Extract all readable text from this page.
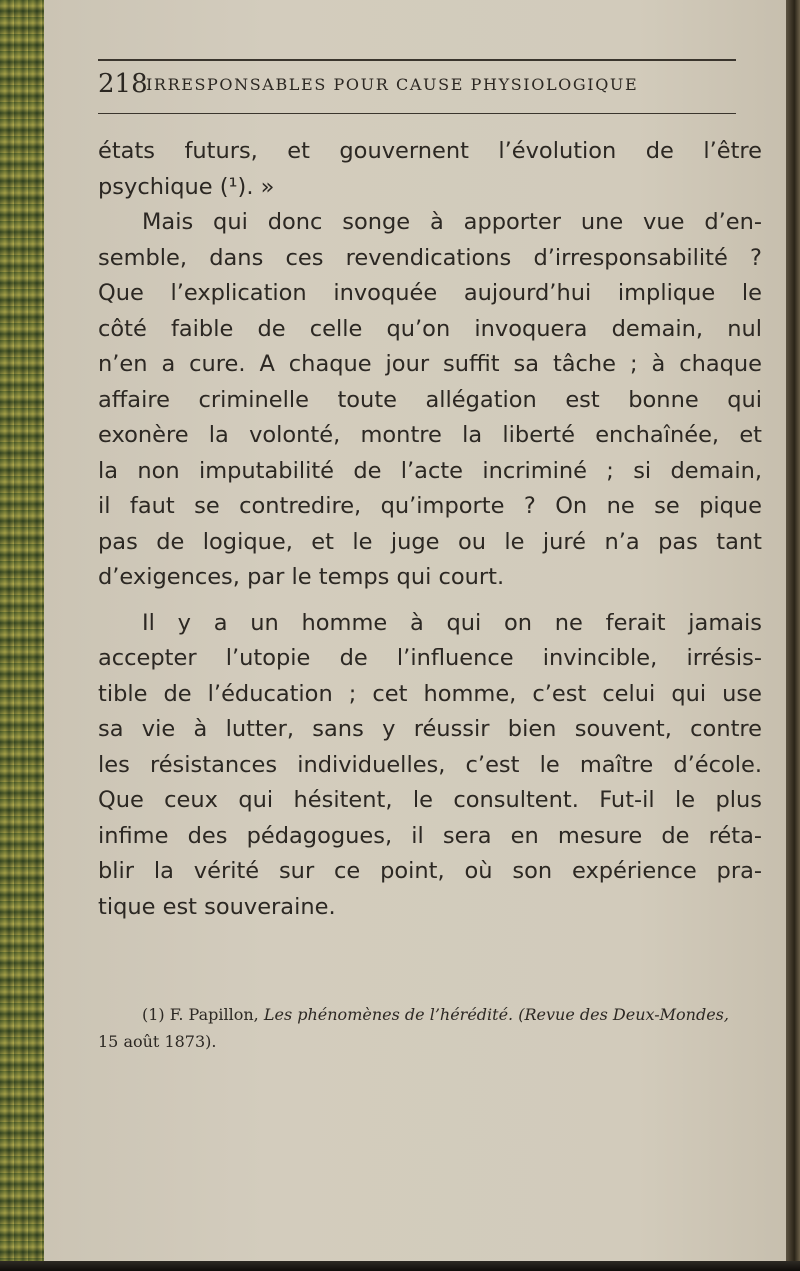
218
IRRESPONSABLES POUR CAUSE PHYSIOLOGIQUE
états futurs, et gouvernent l’évolution de l’être
psychique (¹). »
Mais qui donc songe à apporter une vue d’en-
semble, dans ces revendications d’irresponsabilité ?
Que l’explication invoquée aujourd’hui implique le
côté faible de celle qu’on invoquera demain, nul
n’en a cure. A chaque jour suffit sa tâche ; à chaque
affaire criminelle toute allégation est bonne qui
exonère la volonté, montre la liberté enchaînée, et
la non imputabilité de l’acte incriminé ; si demain,
il faut se contredire, qu’importe ? On ne se pique
pas de logique, et le juge ou le juré n’a pas tant
d’exigences, par le temps qui court.
Il y a un homme à qui on ne ferait jamais
accepter l’utopie de l’influence invincible, irrésis-
tible de l’éducation ; cet homme, c’est celui qui use
sa vie à lutter, sans y réussir bien souvent, contre
les résistances individuelles, c’est le maître d’école.
Que ceux qui hésitent, le consultent. Fut-il le plus
infime des pédagogues, il sera en mesure de réta-
blir la vérité sur ce point, où son expérience pra-
tique est souveraine.
(1) F. Papillon, Les phénomènes de l’hérédité. (Revue des Deux-Mondes,
15 août 1873).
